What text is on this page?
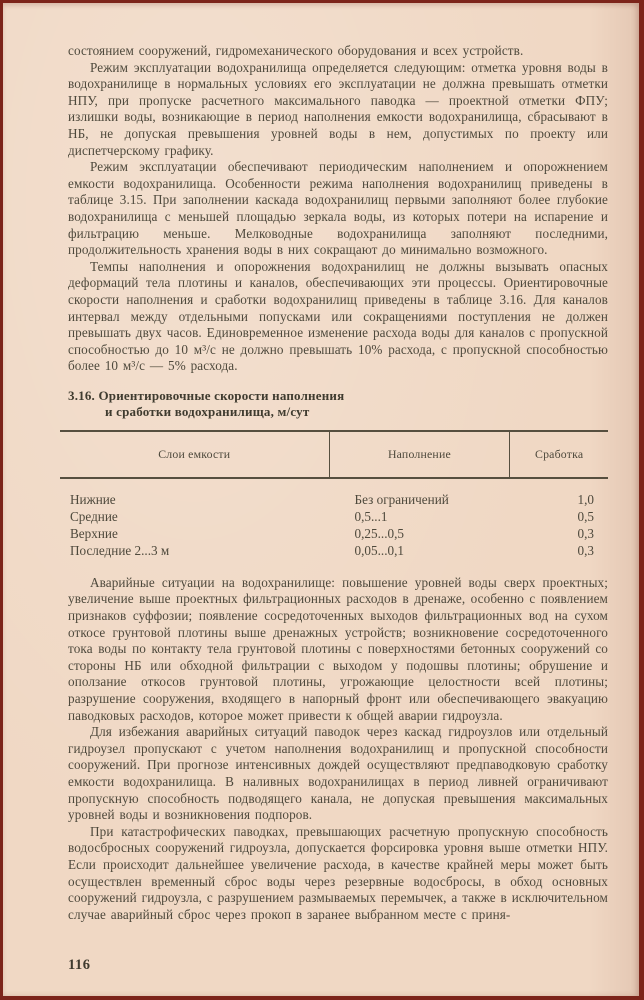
состоянием сооружений, гидромеханического оборудования и всех устройств.

Режим эксплуатации водохранилища определяется следующим: отметка уровня воды в водохранилище в нормальных условиях его эксплуатации не должна превышать отметки НПУ, при пропуске расчетного максимального паводка — проектной отметки ФПУ; излишки воды, возникающие в период наполнения емкости водохранилища, сбрасывают в НБ, не допуская превышения уровней воды в нем, допустимых по проекту или диспетчерскому графику.

Режим эксплуатации обеспечивают периодическим наполнением и опорожнением емкости водохранилища. Особенности режима наполнения водохранилищ приведены в таблице 3.15. При заполнении каскада водохранилищ первыми заполняют более глубокие водохранилища с меньшей площадью зеркала воды, из которых потери на испарение и фильтрацию меньше. Мелководные водохранилища заполняют последними, продолжительность хранения воды в них сокращают до минимально возможного.

Темпы наполнения и опорожнения водохранилищ не должны вызывать опасных деформаций тела плотины и каналов, обеспечивающих эти процессы. Ориентировочные скорости наполнения и сработки водохранилищ приведены в таблице 3.16. Для каналов интервал между отдельными попусками или сокращениями поступления не должен превышать двух часов. Единовременное изменение расхода воды для каналов с пропускной способностью до 10 м³/с не должно превышать 10% расхода, с пропускной способностью более 10 м³/с — 5% расхода.

3.16. Ориентировочные скорости наполнения
и сработки водохранилища, м/сут
Слои емкости	Наполнение	Сработка
Нижние	Без ограничений	1,0
Средние	0,5...1	0,5
Верхние	0,25...0,5	0,3
Последние 2...3 м	0,05...0,1	0,3

Аварийные ситуации на водохранилище: повышение уровней воды сверх проектных; увеличение выше проектных фильтрационных расходов в дренаже, особенно с появлением признаков суффозии; появление сосредоточенных выходов фильтрационных вод на сухом откосе грунтовой плотины выше дренажных устройств; возникновение сосредоточенного тока воды по контакту тела грунтовой плотины с поверхностями бетонных сооружений со стороны НБ или обходной фильтрации с выходом у подошвы плотины; обрушение и оползание откосов грунтовой плотины, угрожающие целостности всей плотины; разрушение сооружения, входящего в напорный фронт или обеспечивающего эвакуацию паводковых расходов, которое может привести к общей аварии гидроузла.

Для избежания аварийных ситуаций паводок через каскад гидроузлов или отдельный гидроузел пропускают с учетом наполнения водохранилищ и пропускной способности сооружений. При прогнозе интенсивных дождей осуществляют предпаводковую сработку емкости водохранилища. В наливных водохранилищах в период ливней ограничивают пропускную способность подводящего канала, не допуская превышения максимальных уровней воды и возникновения подпоров.

При катастрофических паводках, превышающих расчетную пропускную способность водосбросных сооружений гидроузла, допускается форсировка уровня выше отметки НПУ. Если происходит дальнейшее увеличение расхода, в качестве крайней меры может быть осуществлен временный сброс воды через резервные водосбросы, в обход основных сооружений гидроузла, с разрушением размываемых перемычек, а также в исключительном случае аварийный сброс через прокоп в заранее выбранном месте с приня-

116
